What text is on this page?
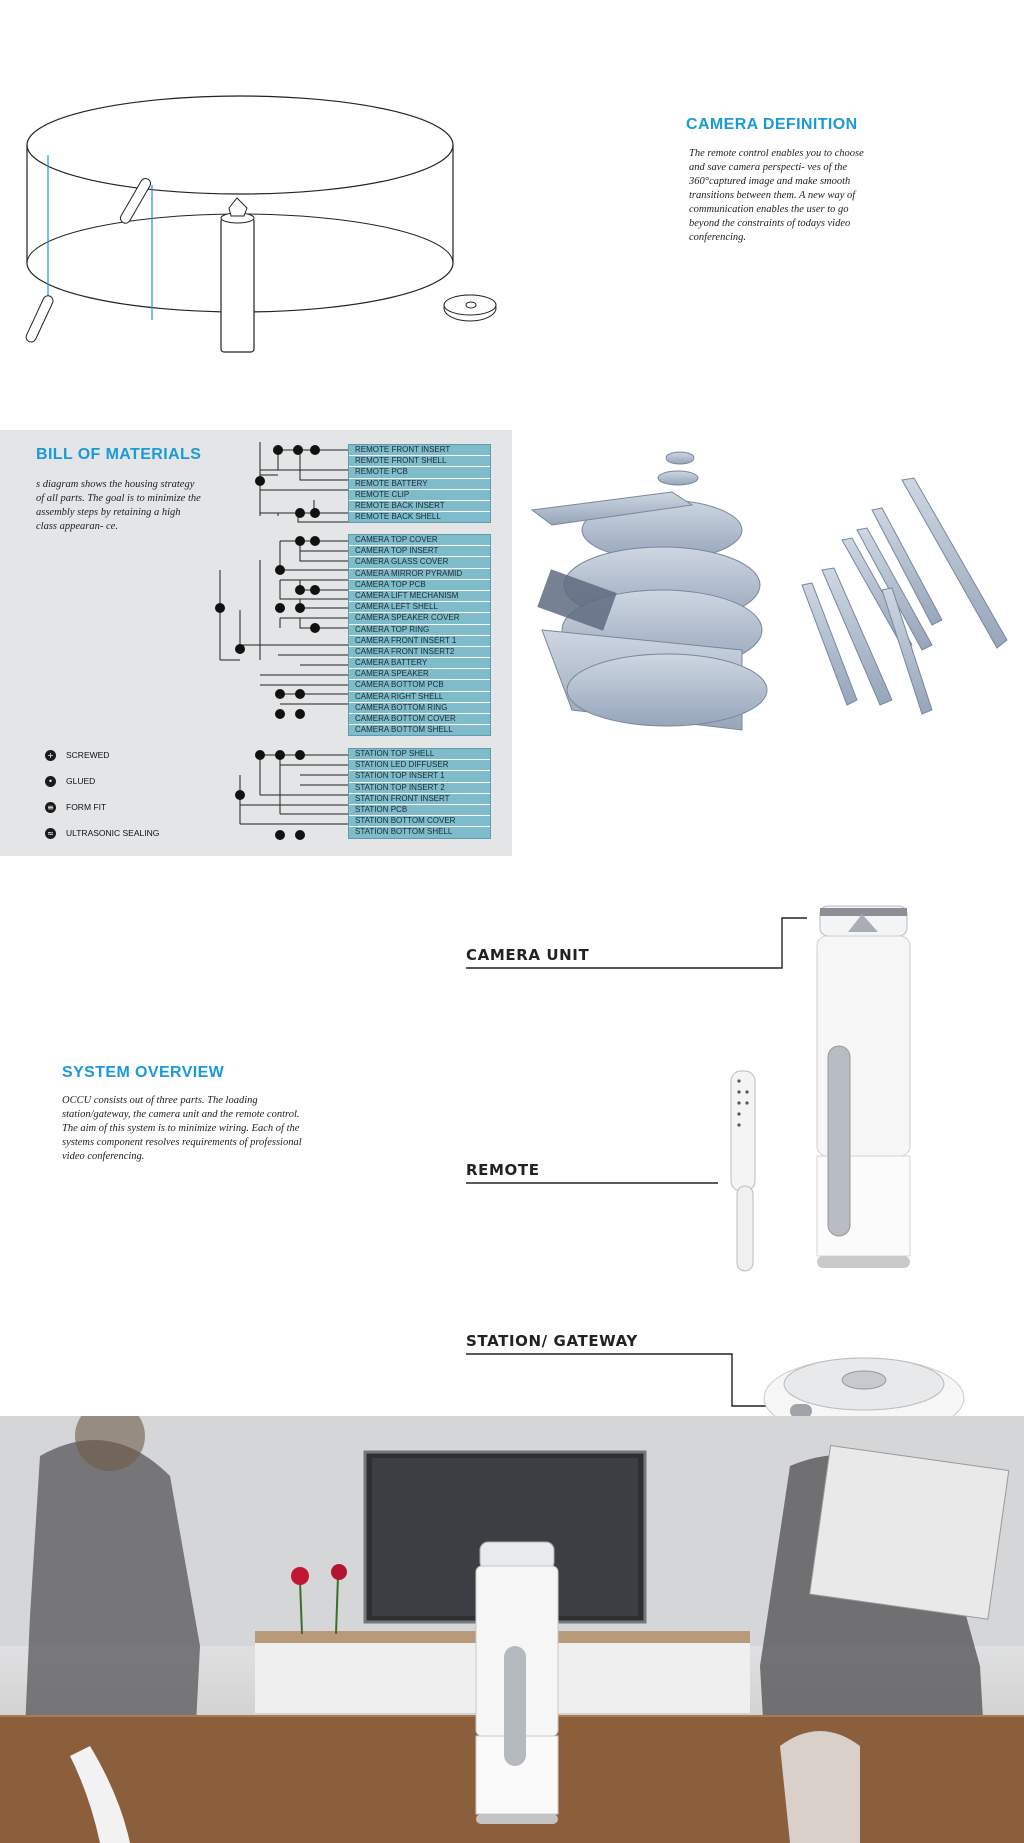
CAMERA DEFINITION
The remote control enables you to choose and save camera perspecti- ves of the 360°captured image and make smooth transitions between them. A new way of communication enables the user to go beyond the constraints of todays video conferencing.
BILL OF MATERIALS
s diagram shows the housing strategy of all parts. The goal is to minimize the assembly steps by retaining a high class appearan- ce.
REMOTE FRONT INSERT
REMOTE FRONT SHELL
REMOTE PCB
REMOTE BATTERY
REMOTE CLIP
REMOTE BACK INSERT
REMOTE BACK SHELL
CAMERA TOP COVER
CAMERA TOP INSERT
CAMERA GLASS COVER
CAMERA MIRROR PYRAMID
CAMERA TOP PCB
CAMERA LIFT MECHANISM
CAMERA LEFT SHELL
CAMERA SPEAKER COVER
CAMERA TOP RING
CAMERA FRONT INSERT 1
CAMERA FRONT INSERT2
CAMERA BATTERY
CAMERA SPEAKER
CAMERA BOTTOM PCB
CAMERA RIGHT SHELL
CAMERA BOTTOM RING
CAMERA BOTTOM COVER
CAMERA BOTTOM SHELL
STATION TOP SHELL
STATION LED DIFFUSER
STATION TOP INSERT 1
STATION TOP INSERT 2
STATION FRONT INSERT
STATION PCB
STATION BOTTOM COVER
STATION BOTTOM SHELL
+ SCREWED
•	GLUED
≡ FORM FIT
≈ ULTRASONIC SEALING
SYSTEM OVERVIEW
OCCU consists out of three parts. The loading station/gateway, the camera unit and the remote control. The aim of this system is to minimize wiring. Each of the systems component resolves requirements of professional video conferencing.
CAMERA UNIT
REMOTE
STATION/ GATEWAY
